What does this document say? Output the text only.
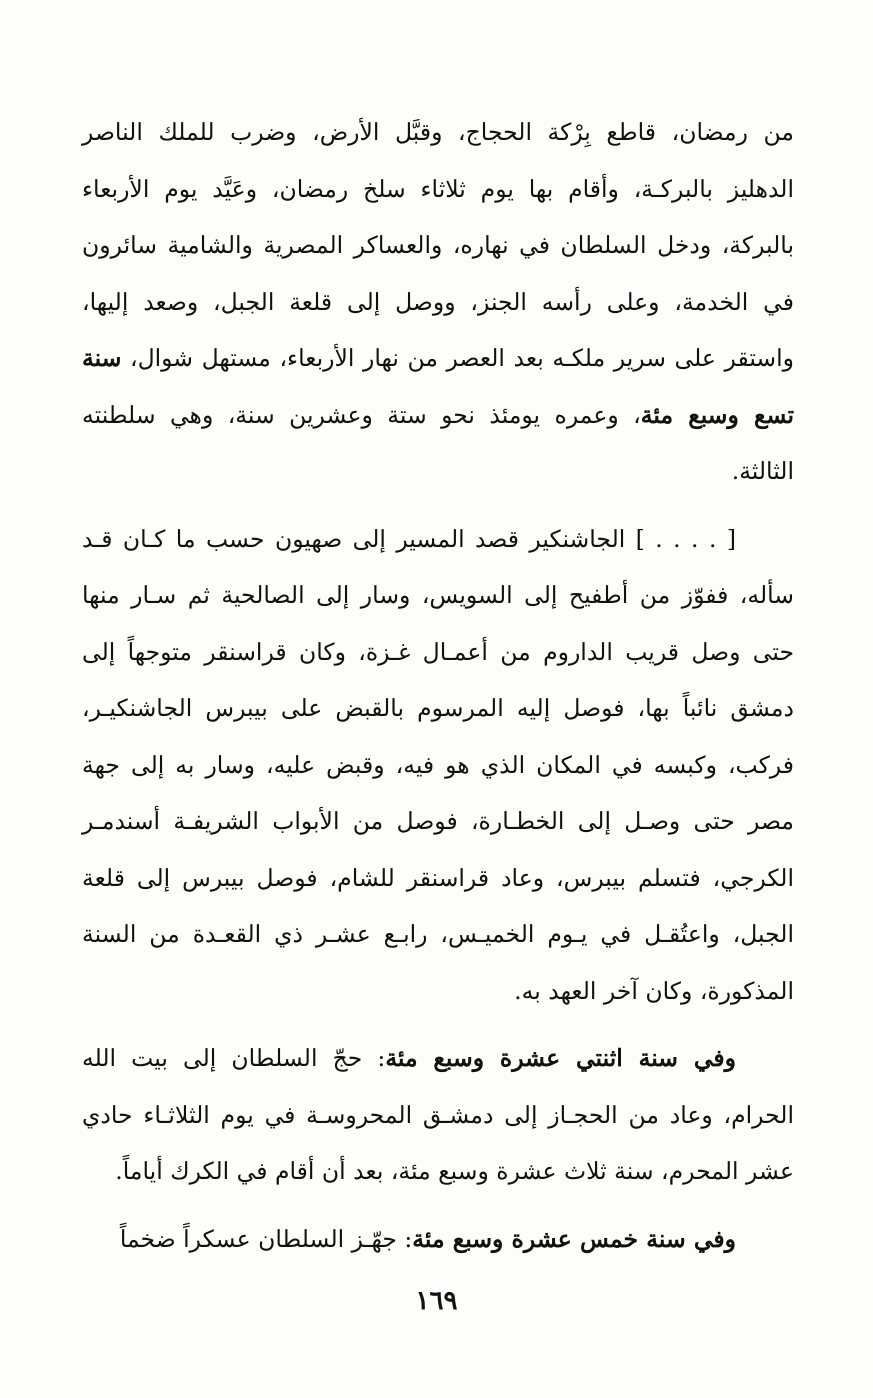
من رمضان، قاطع بِرْكة الحجاج، وقبَّل الأرض، وضرب للملك الناصر الدهليز بالبركـة، وأقام بها يوم ثلاثاء سلخ رمضان، وعَيَّد يوم الأربعاء بالبركة، ودخل السلطان في نهاره، والعساكر المصرية والشامية سائرون في الخدمة، وعلى رأسه الجنز، ووصل إلى قلعة الجبل، وصعد إليها، واستقر على سرير ملكـه بعد العصر من نهار الأربعاء، مستهل شوال، سنة تسع وسبع مئة، وعمره يومئذ نحو ستة وعشرين سنة، وهي سلطنته الثالثة.

[ . . . . ] الجاشنكير قصد المسير إلى صهيون حسب ما كـان قـد سأله، ففوّز من أطفيح إلى السويس، وسار إلى الصالحية ثم سـار منها حتى وصل قريب الداروم من أعمـال غـزة، وكان قراسنقر متوجهاً إلى دمشق نائباً بها، فوصل إليه المرسوم بالقبض على بيبرس الجاشنكيـر، فركب، وكبسه في المكان الذي هو فيه، وقبض عليه، وسار به إلى جهة مصر حتى وصـل إلى الخطـارة، فوصل من الأبواب الشريفـة أسندمـر الكرجي، فتسلم بيبرس، وعاد قراسنقر للشام، فوصل بيبرس إلى قلعة الجبل، واعتُقـل في يـوم الخميـس، رابـع عشـر ذي القعـدة من السنة المذكورة، وكان آخر العهد به.

وفي سنة اثنتي عشرة وسبع مئة: حجّ السلطان إلى بيت الله الحرام، وعاد من الحجـاز إلى دمشـق المحروسـة في يوم الثلاثـاء حادي عشر المحرم، سنة ثلاث عشرة وسبع مئة، بعد أن أقام في الكرك أياماً.

وفي سنة خمس عشرة وسبع مئة: جهّـز السلطان عسكراً ضخماً

١٦٩
